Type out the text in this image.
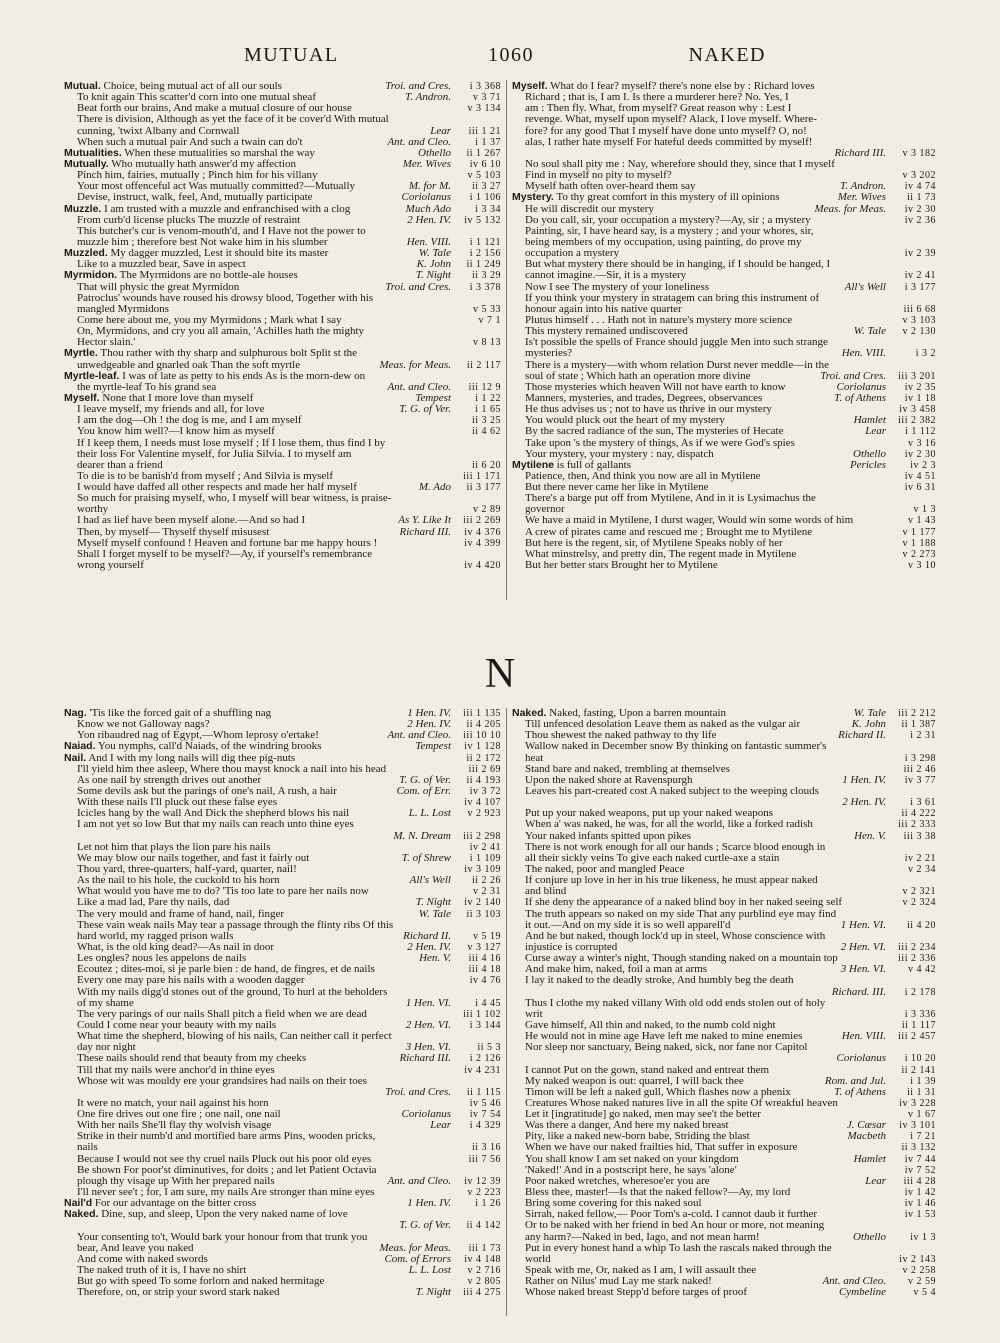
MUTUAL	1060	NAKED
Mutual. Choice, being mutual act of all our souls	Troi. and Cres.	i 3 368
To knit again This scatter'd corn into one mutual sheaf	T. Andron.	v 3 71
Beat forth our brains, And make a mutual closure of our house	v 3 134
There is division, Although as yet the face of it be cover'd With mutual
cunning, 'twixt Albany and Cornwall	Lear	iii 1 21
When such a mutual pair And such a twain can do't	Ant. and Cleo.	i 1 37
Mutualities. When these mutualities so marshal the way	Othello	ii 1 267
Mutually. Who mutually hath answer'd my affection	Mer. Wives	iv 6 10
Pinch him, fairies, mutually ; Pinch him for his villany	v 5 103
Your most offenceful act Was mutually committed?—Mutually	M. for M.	ii 3 27
Devise, instruct, walk, feel, And, mutually participate	Coriolanus	i 1 106
Muzzle. I am trusted with a muzzle and enfranchised with a clog	Much Ado	i 3 34
From curb'd license plucks The muzzle of restraint	2 Hen. IV.	iv 5 132
This butcher's cur is venom-mouth'd, and I Have not the power to
muzzle him ; therefore best Not wake him in his slumber	Hen. VIII.	i 1 121
Muzzled. My dagger muzzled, Lest it should bite its master	W. Tale	i 2 156
Like to a muzzled bear, Save in aspect	K. John	ii 1 249
Myrmidon. The Myrmidons are no bottle-ale houses	T. Night	ii 3 29
That will physic the great Myrmidon	Troi. and Cres.	i 3 378
Patroclus' wounds have roused his drowsy blood, Together with his
mangled Myrmidons	v 5 33
Come here about me, you my Myrmidons ; Mark what I say	v 7 1
On, Myrmidons, and cry you all amain, 'Achilles hath the mighty
Hector slain.'	v 8 13
Myrtle. Thou rather with thy sharp and sulphurous bolt Split st the
unwedgeable and gnarled oak Than the soft myrtle	Meas. for Meas.	ii 2 117
Myrtle-leaf. I was of late as petty to his ends As is the morn-dew on
the myrtle-leaf To his grand sea	Ant. and Cleo.	iii 12 9
Myself. None that I more love than myself	Tempest	i 1 22
I leave myself, my friends and all, for love	T. G. of Ver.	i 1 65
I am the dog—Oh ! the dog is me, and I am myself	ii 3 25
You know him well?—I know him as myself	ii 4 62
If I keep them, I needs must lose myself ; If I lose them, thus find I by
their loss For Valentine myself, for Julia Silvia. I to myself am
dearer than a friend	ii 6 20
To die is to be banish'd from myself ; And Silvia is myself	iii 1 171
I would have daffed all other respects and made her half myself	M. Ado	ii 3 177
So much for praising myself, who, I myself will bear witness, is praise-
worthy	v 2 89
I had as lief have been myself alone.—And so had I	As Y. Like It	iii 2 269
Then, by myself— Thyself thyself misusest	Richard III.	iv 4 376
Myself myself confound ! Heaven and fortune bar me happy hours !	iv 4 399
Shall I forget myself to be myself?—Ay, if yourself's remembrance
wrong yourself	iv 4 420
Myself. What do I fear? myself? there's none else by : Richard loves
Richard ; that is, I am I. Is there a murderer here? No. Yes, I
am : Then fly. What, from myself? Great reason why : Lest I
revenge. What, myself upon myself? Alack, I love myself. Where-
fore? for any good That I myself have done unto myself? O, no!
alas, I rather hate myself For hateful deeds committed by myself!
Richard III.	v 3 182
No soul shall pity me : Nay, wherefore should they, since that I myself
Find in myself no pity to myself?	v 3 202
Myself hath often over-heard them say	T. Andron.	iv 4 74
Mystery. To thy great comfort in this mystery of ill opinions	Mer. Wives	ii 1 73
He will discredit our mystery	Meas. for Meas.	iv 2 30
Do you call, sir, your occupation a mystery?—Ay, sir ; a mystery	iv 2 36
Painting, sir, I have heard say, is a mystery ; and your whores, sir,
being members of my occupation, using painting, do prove my
occupation a mystery	iv 2 39
But what mystery there should be in hanging, if I should be hanged, I
cannot imagine.—Sir, it is a mystery	iv 2 41
Now I see The mystery of your loneliness	All's Well	i 3 177
If you think your mystery in stratagem can bring this instrument of
honour again into his native quarter	iii 6 68
Plutus himself . . . Hath not in nature's mystery more science	v 3 103
This mystery remained undiscovered	W. Tale	v 2 130
Is't possible the spells of France should juggle Men into such strange
mysteries?	Hen. VIII.	i 3 2
There is a mystery—with whom relation Durst never meddle—in the
soul of state ; Which hath an operation more divine	Troi. and Cres.	iii 3 201
Those mysteries which heaven Will not have earth to know	Coriolanus	iv 2 35
Manners, mysteries, and trades, Degrees, observances	T. of Athens	iv 1 18
He thus advises us ; not to have us thrive in our mystery	iv 3 458
You would pluck out the heart of my mystery	Hamlet	iii 2 382
By the sacred radiance of the sun, The mysteries of Hecate	Lear	i 1 112
Take upon 's the mystery of things, As if we were God's spies	v 3 16
Your mystery, your mystery : nay, dispatch	Othello	iv 2 30
Mytilene is full of gallants	Pericles	iv 2 3
Patience, then, And think you now are all in Mytilene	iv 4 51
But there never came her like in Mytilene	iv 6 31
There's a barge put off from Mytilene, And in it is Lysimachus the
governor	v 1 3
We have a maid in Mytilene, I durst wager, Would win some words of him	v 1 43
A crew of pirates came and rescued me ; Brought me to Mytilene	v 1 177
But here is the regent, sir, of Mytilene Speaks nobly of her	v 1 188
What minstrelsy, and pretty din, The regent made in Mytilene	v 2 273
But her better stars Brought her to Mytilene	v 3 10
N
Nag. 'Tis like the forced gait of a shuffling nag	1 Hen. IV.	iii 1 135
Know we not Galloway nags?	2 Hen. IV.	ii 4 205
Yon ribaudred nag of Egypt,—Whom leprosy o'ertake!	Ant. and Cleo.	iii 10 10
Naiad. You nymphs, call'd Naiads, of the windring brooks	Tempest	iv 1 128
Nail. And I with my long nails will dig thee pig-nuts	ii 2 172
I'll yield him thee asleep, Where thou mayst knock a nail into his head	iii 2 69
As one nail by strength drives out another	T. G. of Ver.	ii 4 193
Some devils ask but the parings of one's nail, A rush, a hair	Com. of Err.	iv 3 72
With these nails I'll pluck out these false eyes	iv 4 107
Icicles hang by the wall And Dick the shepherd blows his nail	L. L. Lost	v 2 923
I am not yet so low But that my nails can reach unto thine eyes
M. N. Dream	iii 2 298
Let not him that plays the lion pare his nails	iv 2 41
We may blow our nails together, and fast it fairly out	T. of Shrew	i 1 109
Thou yard, three-quarters, half-yard, quarter, nail!	iv 3 109
As the nail to his hole, the cuckold to his horn	All's Well	ii 2 26
What would you have me to do? 'Tis too late to pare her nails now	v 2 31
Like a mad lad, Pare thy nails, dad	T. Night	iv 2 140
The very mould and frame of hand, nail, finger	W. Tale	ii 3 103
These vain weak nails May tear a passage through the flinty ribs Of this
hard world, my ragged prison walls	Richard II.	v 5 19
What, is the old king dead?—As nail in door	2 Hen. IV.	v 3 127
Les ongles? nous les appelons de nails	Hen. V.	iii 4 16
Écoutez ; dites-moi, si je parle bien : de hand, de fingres, et de nails	iii 4 18
Every one may pare his nails with a wooden dagger	iv 4 76
With my nails digg'd stones out of the ground, To hurl at the beholders
of my shame	1 Hen. VI.	i 4 45
The very parings of our nails Shall pitch a field when we are dead	iii 1 102
Could I come near your beauty with my nails	2 Hen. VI.	i 3 144
What time the shepherd, blowing of his nails, Can neither call it perfect
day nor night	3 Hen. VI.	ii 5 3
These nails should rend that beauty from my cheeks	Richard III.	i 2 126
Till that my nails were anchor'd in thine eyes	iv 4 231
Whose wit was mouldy ere your grandsires had nails on their toes
Troi. and Cres.	ii 1 115
It were no match, your nail against his horn	iv 5 46
One fire drives out one fire ; one nail, one nail	Coriolanus	iv 7 54
With her nails She'll flay thy wolvish visage	Lear	i 4 329
Strike in their numb'd and mortified bare arms Pins, wooden pricks,
nails	ii 3 16
Because I would not see thy cruel nails Pluck out his poor old eyes	iii 7 56
Be shown For poor'st diminutives, for doits ; and let Patient Octavia
plough thy visage up With her prepared nails	Ant. and Cleo.	iv 12 39
I'll never see't ; for, I am sure, my nails Are stronger than mine eyes	v 2 223
Nail'd For our advantage on the bitter cross	1 Hen. IV.	i 1 26
Naked. Dine, sup, and sleep, Upon the very naked name of love
T. G. of Ver.	ii 4 142
Your consenting to't, Would bark your honour from that trunk you
bear, And leave you naked	Meas. for Meas.	iii 1 73
And come with naked swords	Com. of Errors	iv 4 148
The naked truth of it is, I have no shirt	L. L. Lost	v 2 716
But go with speed To some forlorn and naked hermitage	v 2 805
Therefore, on, or strip your sword stark naked	T. Night	iii 4 275
Naked. Naked, fasting, Upon a barren mountain	W. Tale	iii 2 212
Till unfenced desolation Leave them as naked as the vulgar air	K. John	ii 1 387
Thou shewest the naked pathway to thy life	Richard II.	i 2 31
Wallow naked in December snow By thinking on fantastic summer's
heat	i 3 298
Stand bare and naked, trembling at themselves	iii 2 46
Upon the naked shore at Ravenspurgh	1 Hen. IV.	iv 3 77
Leaves his part-created cost A naked subject to the weeping clouds
2 Hen. IV.	i 3 61
Put up your naked weapons, put up your naked weapons	ii 4 222
When a' was naked, he was, for all the world, like a forked radish	iii 2 333
Your naked infants spitted upon pikes	Hen. V.	iii 3 38
There is not work enough for all our hands ; Scarce blood enough in
all their sickly veins To give each naked curtle-axe a stain	iv 2 21
The naked, poor and mangled Peace	v 2 34
If conjure up love in her in his true likeness, he must appear naked
and blind	v 2 321
If she deny the appearance of a naked blind boy in her naked seeing self	v 2 324
The truth appears so naked on my side That any purblind eye may find
it out.—And on my side it is so well apparell'd	1 Hen. VI.	ii 4 20
And he but naked, though lock'd up in steel, Whose conscience with
injustice is corrupted	2 Hen. VI.	iii 2 234
Curse away a winter's night, Though standing naked on a mountain top	iii 2 336
And make him, naked, foil a man at arms	3 Hen. VI.	v 4 42
I lay it naked to the deadly stroke, And humbly beg the death
Richard. III.	i 2 178
Thus I clothe my naked villany With old odd ends stolen out of holy
writ	i 3 336
Gave himself, All thin and naked, to the numb cold night	ii 1 117
He would not in mine age Have left me naked to mine enemies	Hen. VIII.	iii 2 457
Nor sleep nor sanctuary, Being naked, sick, nor fane nor Capitol
Coriolanus	i 10 20
I cannot Put on the gown, stand naked and entreat them	ii 2 141
My naked weapon is out: quarrel, I will back thee	Rom. and Jul.	i 1 39
Timon will be left a naked gull, Which flashes now a phenix	T. of Athens	ii 1 31
Creatures Whose naked natures live in all the spite Of wreakful heaven	iv 3 228
Let it [ingratitude] go naked, men may see't the better	v 1 67
Was there a danger, And here my naked breast	J. Cæsar	iv 3 101
Pity, like a naked new-born babe, Striding the blast	Macbeth	i 7 21
When we have our naked frailties hid, That suffer in exposure	ii 3 132
You shall know I am set naked on your kingdom	Hamlet	iv 7 44
'Naked!' And in a postscript here, he says 'alone'	iv 7 52
Poor naked wretches, wheresoe'er you are	Lear	iii 4 28
Bless thee, master!—Is that the naked fellow?—Ay, my lord	iv 1 42
Bring some covering for this naked soul	iv 1 46
Sirrah, naked fellow,— Poor Tom's a-cold. I cannot daub it further	iv 1 53
Or to be naked with her friend in bed An hour or more, not meaning
any harm?—Naked in bed, Iago, and not mean harm!	Othello	iv 1 3
Put in every honest hand a whip To lash the rascals naked through the
world	iv 2 143
Speak with me, Or, naked as I am, I will assault thee	v 2 258
Rather on Nilus' mud Lay me stark naked!	Ant. and Cleo.	v 2 59
Whose naked breast Stepp'd before targes of proof	Cymbeline	v 5 4
